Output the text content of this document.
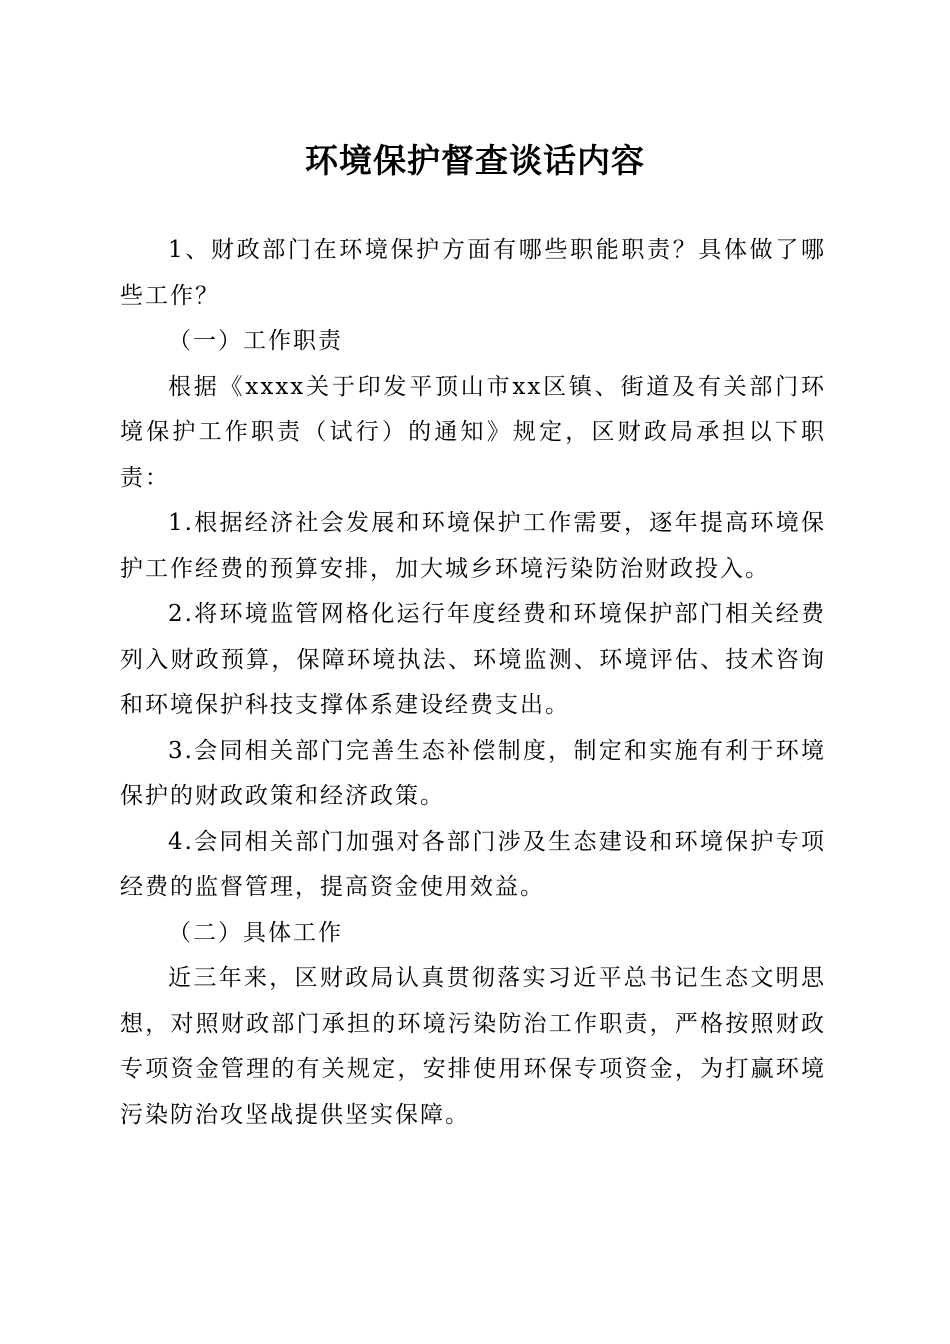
环境保护督查谈话内容

1、财政部门在环境保护方面有哪些职能职责？具体做了哪些工作？

（一）工作职责

根据《xxxx关于印发平顶山市xx区镇、街道及有关部门环境保护工作职责（试行）的通知》规定，区财政局承担以下职责：

1.根据经济社会发展和环境保护工作需要，逐年提高环境保护工作经费的预算安排，加大城乡环境污染防治财政投入。

2.将环境监管网格化运行年度经费和环境保护部门相关经费列入财政预算，保障环境执法、环境监测、环境评估、技术咨询和环境保护科技支撑体系建设经费支出。

3.会同相关部门完善生态补偿制度，制定和实施有利于环境保护的财政政策和经济政策。

4.会同相关部门加强对各部门涉及生态建设和环境保护专项经费的监督管理，提高资金使用效益。

（二）具体工作

近三年来，区财政局认真贯彻落实习近平总书记生态文明思想，对照财政部门承担的环境污染防治工作职责，严格按照财政专项资金管理的有关规定，安排使用环保专项资金，为打赢环境污染防治攻坚战提供坚实保障。
